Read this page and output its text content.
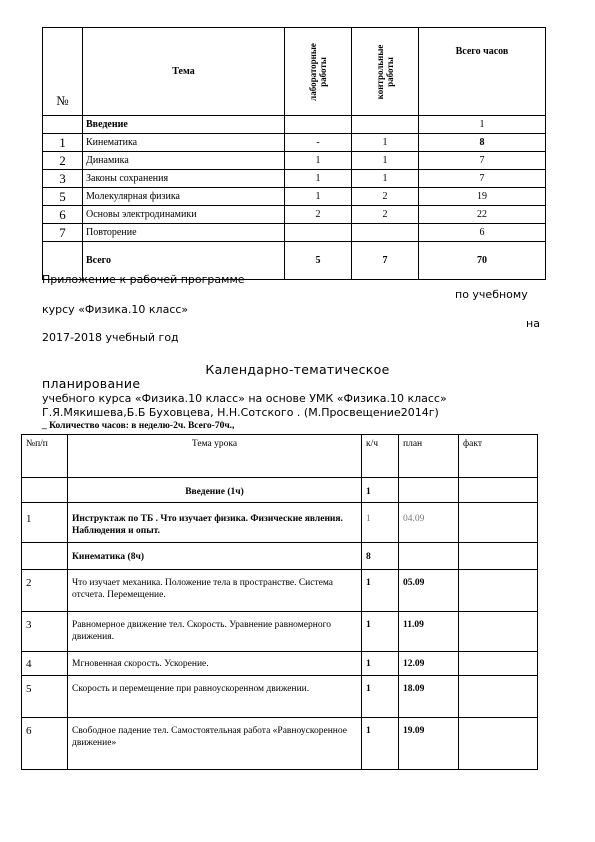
№	Тема	лабораторные работы	контрольные работы	Всего часов
	Введение			1
1	Кинематика	-	1	8
2	Динамика	1	1	7
3	Законы сохранения	1	1	7
5	Молекулярная физика	1	2	19
6	Основы электродинамики	2	2	22
7	Повторение			6
	Всего	5	7	70
Приложение к рабочей программе
по учебному
курсу «Физика.10 класс»
на
2017-2018 учебный год
Календарно-тематическое
планирование
учебного курса «Физика.10 класс» на основе УМК «Физика.10 класс»
Г.Я.Мякишева,Б.Б Буховцева, Н.Н.Сотского . (М.Просвещение2014г)
_ Количество часов: в неделю-2ч. Всего-70ч.,
№п/п	Тема урока	к/ч	план	факт
	Введение (1ч)	1		
1	Инструктаж по ТБ . Что изучает физика. Физические явления. Наблюдения и опыт.	1	04.09	
	Кинематика (8ч)	8		
2	Что изучает механика. Положение тела в пространстве. Система отсчета. Перемещение.	1	05.09	
3	Равномерное движение тел. Скорость. Уравнение равномерного движения.	1	11.09	
4	Мгновенная скорость. Ускорение.	1	12.09	
5	Скорость и перемещение при равноускоренном движении.	1	18.09	
6	Свободное падение тел. Самостоятельная работа «Равноускоренное движение»	1	19.09	
